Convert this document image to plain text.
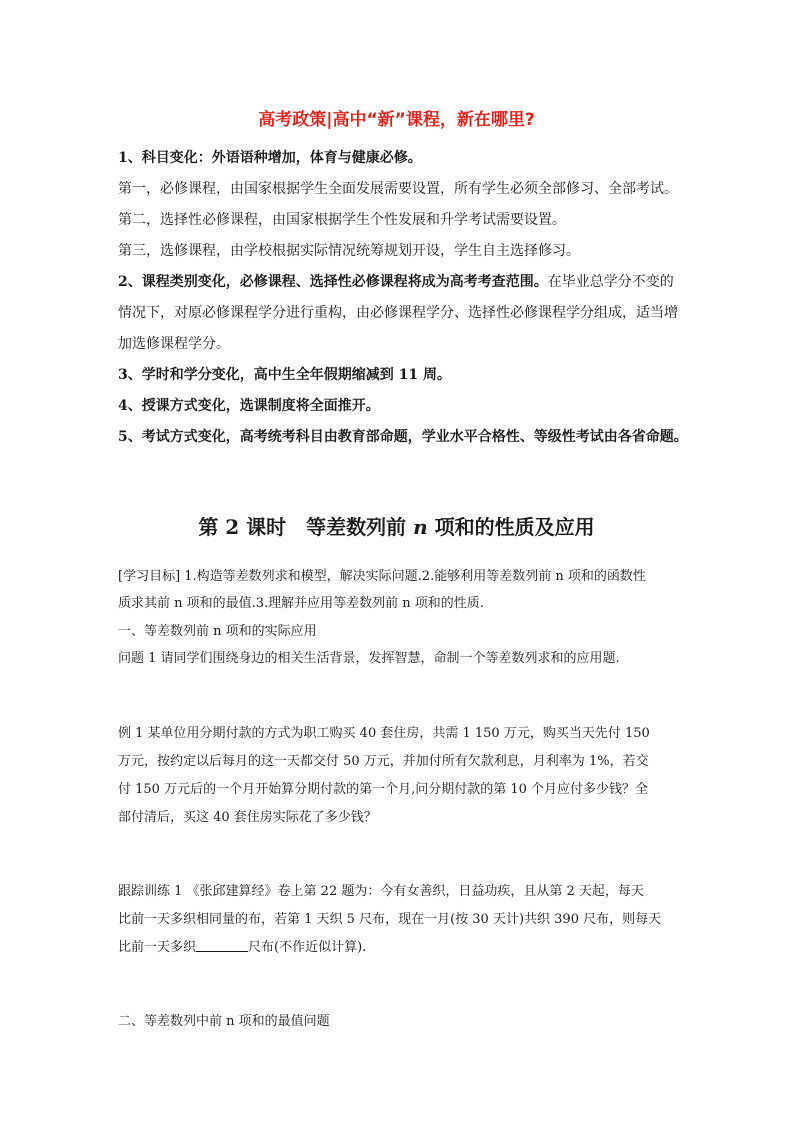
高考政策|高中“新”课程，新在哪里?
1、科目变化：外语语种增加，体育与健康必修。
第一，必修课程，由国家根据学生全面发展需要设置，所有学生必须全部修习、全部考试。
第二，选择性必修课程，由国家根据学生个性发展和升学考试需要设置。
第三，选修课程，由学校根据实际情况统筹规划开设，学生自主选择修习。
2、课程类别变化，必修课程、选择性必修课程将成为高考考查范围。在毕业总学分不变的
情况下，对原必修课程学分进行重构，由必修课程学分、选择性必修课程学分组成，适当增
加选修课程学分。
3、学时和学分变化，高中生全年假期缩减到 11 周。
4、授课方式变化，选课制度将全面推开。
5、考试方式变化，高考统考科目由教育部命题，学业水平合格性、等级性考试由各省命题。
第 2 课时 等差数列前 n 项和的性质及应用
[学习目标] 1.构造等差数列求和模型，解决实际问题.2.能够利用等差数列前 n 项和的函数性
质求其前 n 项和的最值.3.理解并应用等差数列前 n 项和的性质.
一、等差数列前 n 项和的实际应用
问题 1 请同学们围绕身边的相关生活背景，发挥智慧，命制一个等差数列求和的应用题.
例 1 某单位用分期付款的方式为职工购买 40 套住房，共需 1 150 万元，购买当天先付 150
万元，按约定以后每月的这一天都交付 50 万元，并加付所有欠款利息，月利率为 1%，若交
付 150 万元后的一个月开始算分期付款的第一个月,问分期付款的第 10 个月应付多少钱？全
部付清后，买这 40 套住房实际花了多少钱？
跟踪训练 1 《张邱建算经》卷上第 22 题为：今有女善织，日益功疾，且从第 2 天起，每天
比前一天多织相同量的布，若第 1 天织 5 尺布，现在一月(按 30 天计)共织 390 尺布，则每天
比前一天多织	尺布(不作近似计算).
二、等差数列中前 n 项和的最值问题
